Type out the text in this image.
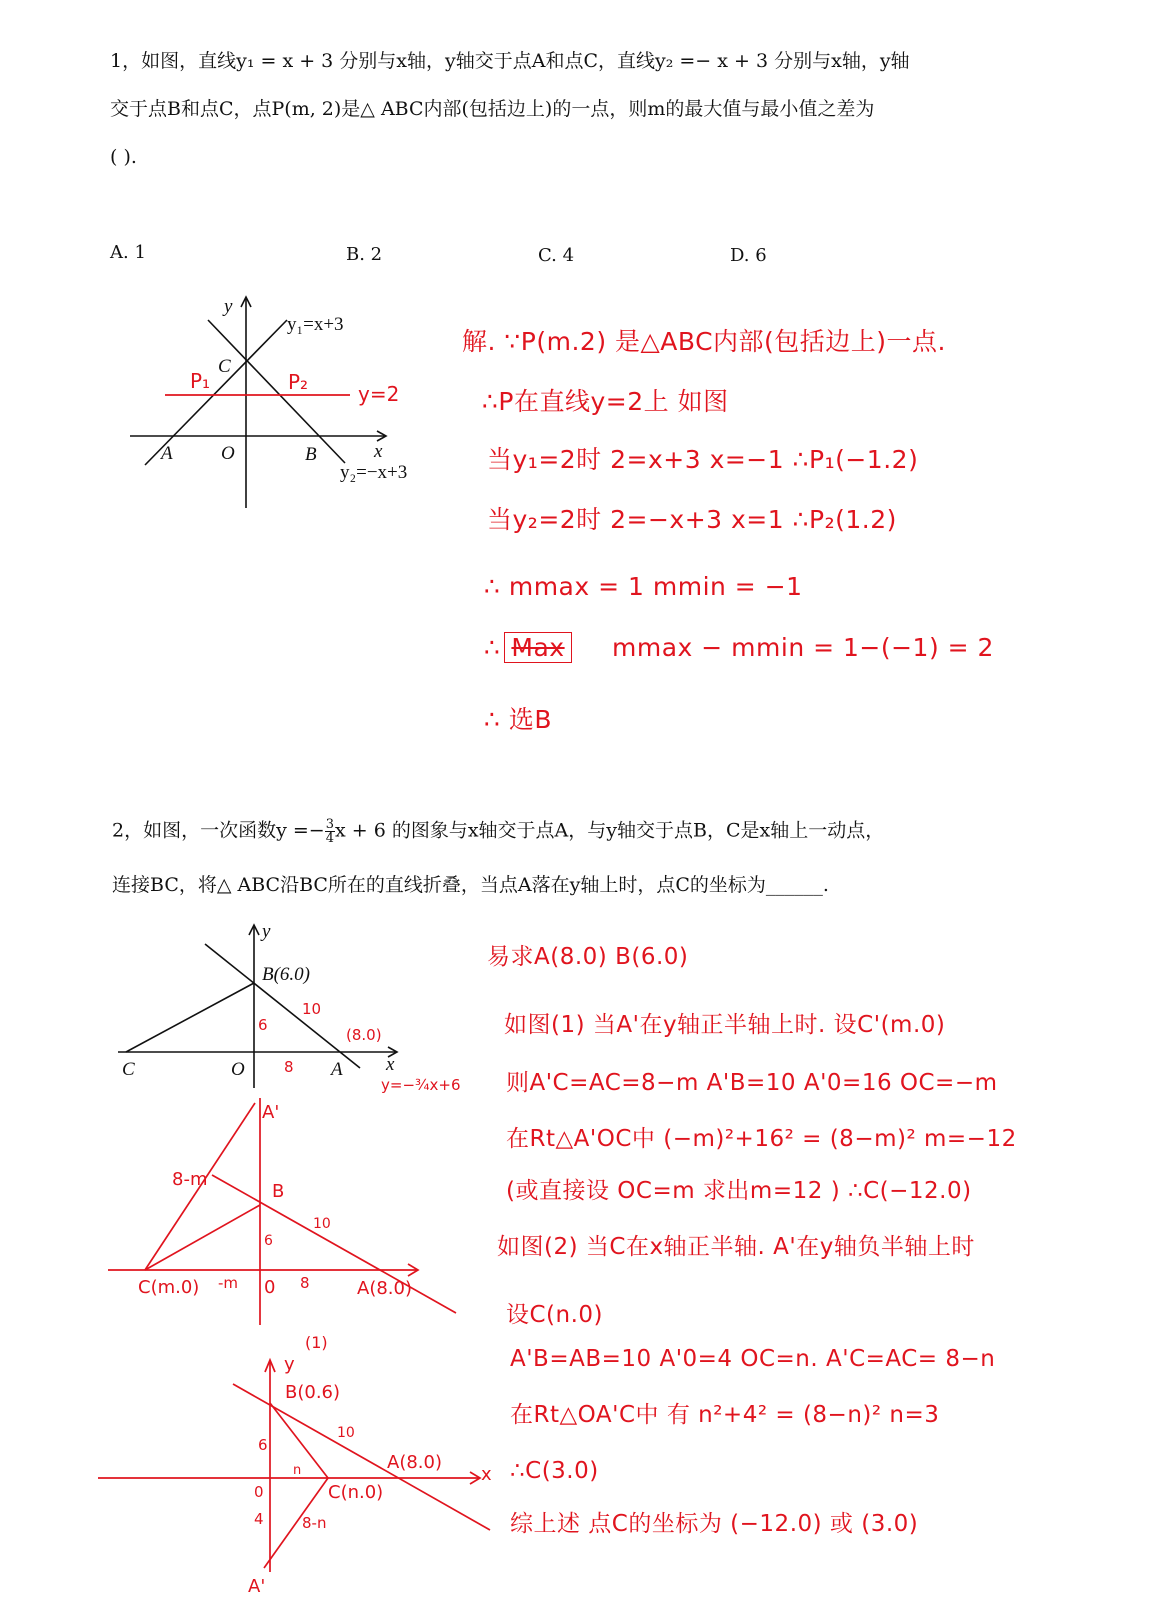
1，如图，直线y₁ = x + 3 分别与x轴，y轴交于点A和点C，直线y₂ =− x + 3 分别与x轴，y轴
交于点B和点C，点P(m, 2)是△ ABC内部(包括边上)的一点，则m的最大值与最小值之差为
( ).
A. 1	B. 2	C. 4	D. 6
y
x
y₁=x+3
y₂=−x+3
C
A	O	B
P₁	P₂ y=2
解. ∵P(m.2) 是△ABC内部(包括边上)一点.
∴P在直线y=2上 如图
当y₁=2时 2=x+3 x=−1 ∴P₁(−1.2)
当y₂=2时 2=−x+3 x=1 ∴P₂(1.2)
∴ mmax = 1 mmin = −1
∴ Max mmax − mmin = 1−(−1) = 2
∴ 选B
2，如图，一次函数$y =- \frac{3}{4}$ x + 6 的图象与x轴交于点A，与y轴交于点B，C是x轴上一动点，
连接BC，将△ ABC沿BC所在的直线折叠，当点A落在y轴上时，点C的坐标为______.
y
x
B(6.0)
C	O	A
10
6
(8.0)
8
y=−¾x+6
A'
B
8-m
10
6
C(m.0) -m 0 8	A(8.0)
(1)
y
B(0.6)
10
6
A(8.0)
x
0
n
C(n.0)
4	8-n
A'
易求A(8.0) B(6.0)
如图(1) 当A'在y轴正半轴上时. 设C'(m.0)
则A'C=AC=8−m A'B=10 A'0=16 OC=−m
在Rt△A'OC中 (−m)²+16² = (8−m)² m=−12
(或直接设 OC=m 求出m=12 ) ∴C(−12.0)
如图(2) 当C在x轴正半轴. A'在y轴负半轴上时
设C(n.0)
A'B=AB=10 A'0=4 OC=n. A'C=AC= 8−n
在Rt△OA'C中 有 n²+4² = (8−n)² n=3
∴C(3.0)
综上述 点C的坐标为 (−12.0) 或 (3.0)
